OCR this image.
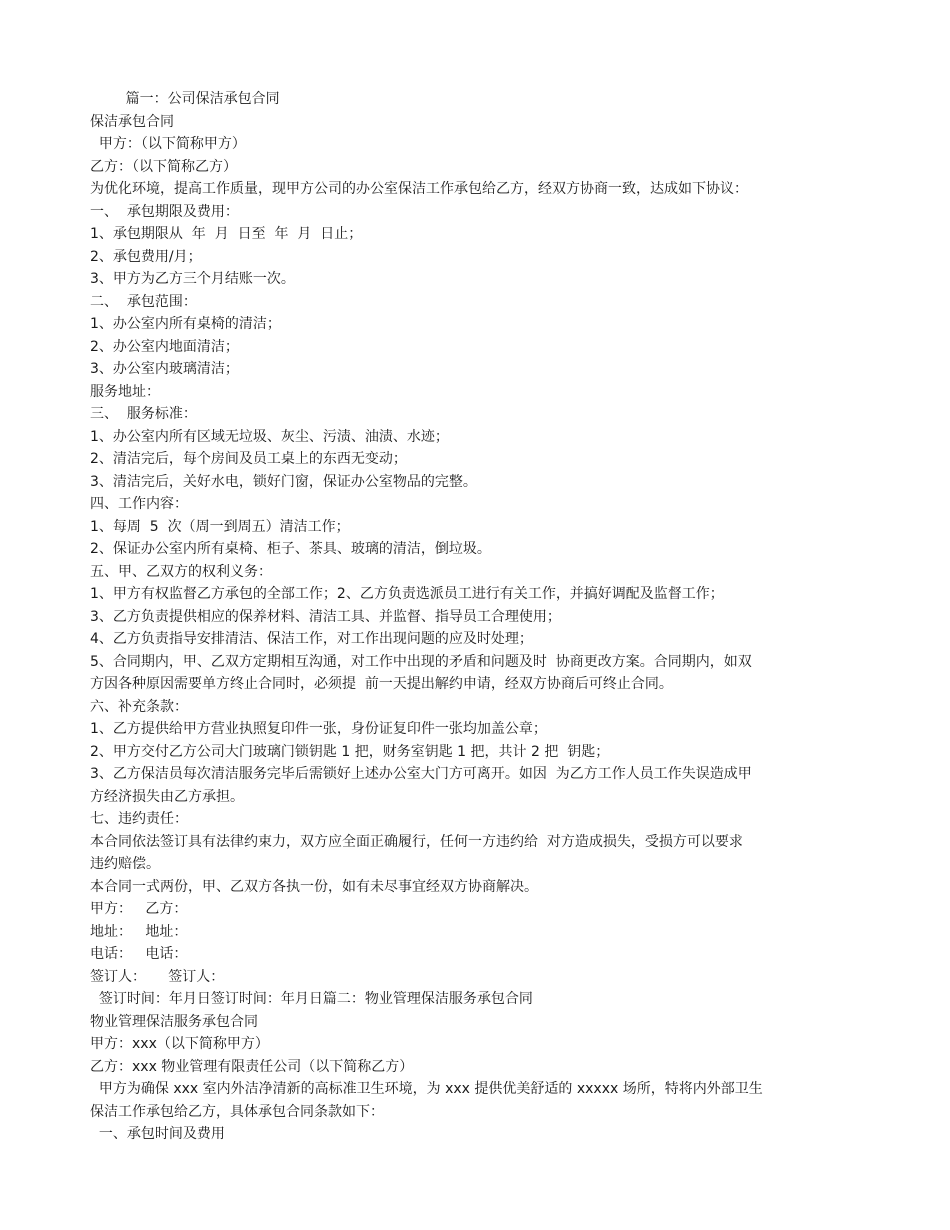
篇一：公司保洁承包合同
保洁承包合同
甲方：（以下简称甲方）
乙方：（以下简称乙方）
为优化环境，提高工作质量，现甲方公司的办公室保洁工作承包给乙方，经双方协商一致，达成如下协议：
一、  承包期限及费用：
1、承包期限从  年  月  日至  年  月  日止；
2、承包费用/月；
3、甲方为乙方三个月结账一次。
二、  承包范围：
1、办公室内所有桌椅的清洁；
2、办公室内地面清洁；
3、办公室内玻璃清洁；
服务地址：
三、  服务标准：
1、办公室内所有区域无垃圾、灰尘、污渍、油渍、水迹；
2、清洁完后，每个房间及员工桌上的东西无变动；
3、清洁完后，关好水电，锁好门窗，保证办公室物品的完整。
四、工作内容：
1、每周  5  次（周一到周五）清洁工作；
2、保证办公室内所有桌椅、柜子、茶具、玻璃的清洁，倒垃圾。
五、甲、乙双方的权利义务：
1、甲方有权监督乙方承包的全部工作；2、乙方负责选派员工进行有关工作，并搞好调配及监督工作；
3、乙方负责提供相应的保养材料、清洁工具、并监督、指导员工合理使用；
4、乙方负责指导安排清洁、保洁工作，对工作出现问题的应及时处理；
5、合同期内，甲、乙双方定期相互沟通，对工作中出现的矛盾和问题及时  协商更改方案。合同期内，如双
方因各种原因需要单方终止合同时，必须提  前一天提出解约申请，经双方协商后可终止合同。
六、补充条款：
1、乙方提供给甲方营业执照复印件一张，身份证复印件一张均加盖公章；
2、甲方交付乙方公司大门玻璃门锁钥匙 1 把，财务室钥匙 1 把，共计 2 把  钥匙；
3、乙方保洁员每次清洁服务完毕后需锁好上述办公室大门方可离开。如因  为乙方工作人员工作失误造成甲
方经济损失由乙方承担。
七、违约责任：
本合同依法签订具有法律约束力，双方应全面正确履行，任何一方违约给  对方造成损失，受损方可以要求
违约赔偿。
本合同一式两份，甲、乙双方各执一份，如有未尽事宜经双方协商解决。
甲方：   乙方：
地址：   地址：
电话：   电话：
签订人：     签订人：
签订时间：年月日签订时间：年月日篇二：物业管理保洁服务承包合同
物业管理保洁服务承包合同
甲方：xxx（以下简称甲方）
乙方：xxx 物业管理有限责任公司（以下简称乙方）
甲方为确保 xxx 室内外洁净清新的高标准卫生环境，为 xxx 提供优美舒适的 xxxxx 场所，特将内外部卫生
保洁工作承包给乙方，具体承包合同条款如下：
一、承包时间及费用
